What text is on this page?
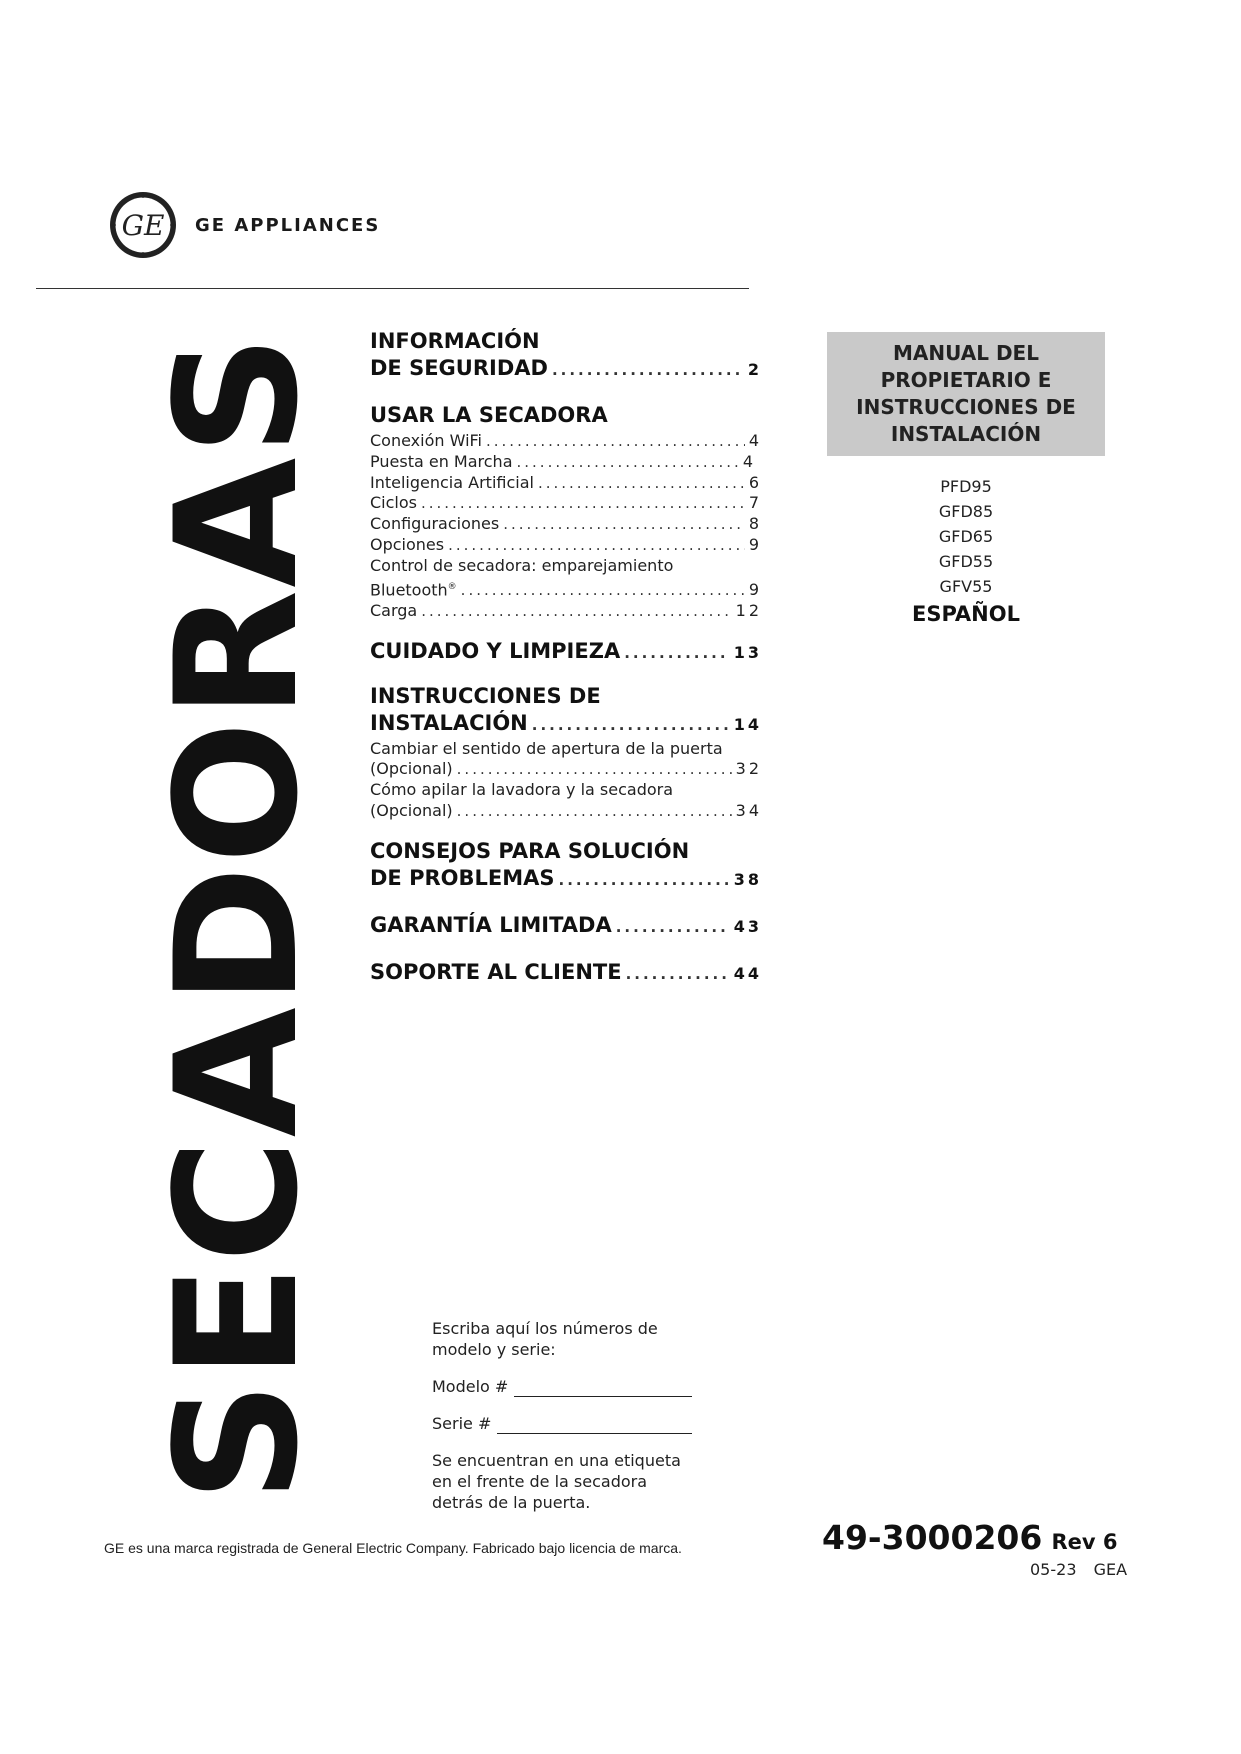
GE GE APPLIANCES
SECADORAS INFORMACIÓN
DE SEGURIDAD .....	2
USAR LA SECADORA
Conexión WiFi .....	4
Puesta en Marcha .....	4
Inteligencia Artificial .....	6
Ciclos .....	7
Configuraciones .....	8
Opciones .....	9
Control de secadora: emparejamiento
Bluetooth® .....	9
Carga .....	12
CUIDADO Y LIMPIEZA .....	13
INSTRUCCIONES DE
INSTALACIÓN .....	14
Cambiar el sentido de apertura de la puerta
(Opcional) .....	32
Cómo apilar la lavadora y la secadora
(Opcional) .....	34
CONSEJOS PARA SOLUCIÓN
DE PROBLEMAS .....	38
GARANTÍA LIMITADA .....	43
SOPORTE AL CLIENTE .....	44
MANUAL DEL
PROPIETARIO E
INSTRUCCIONES DE
INSTALACIÓN
PFD95
GFD85
GFD65
GFD55
GFV55
ESPAÑOL
Escriba aquí los números de
modelo y serie:
Modelo #
Serie #
Se encuentran en una etiqueta
en el frente de la secadora
detrás de la puerta.
GE es una marca registrada de General Electric Company. Fabricado bajo licencia de marca.	49-3000206 Rev 6
05-23 GEA
